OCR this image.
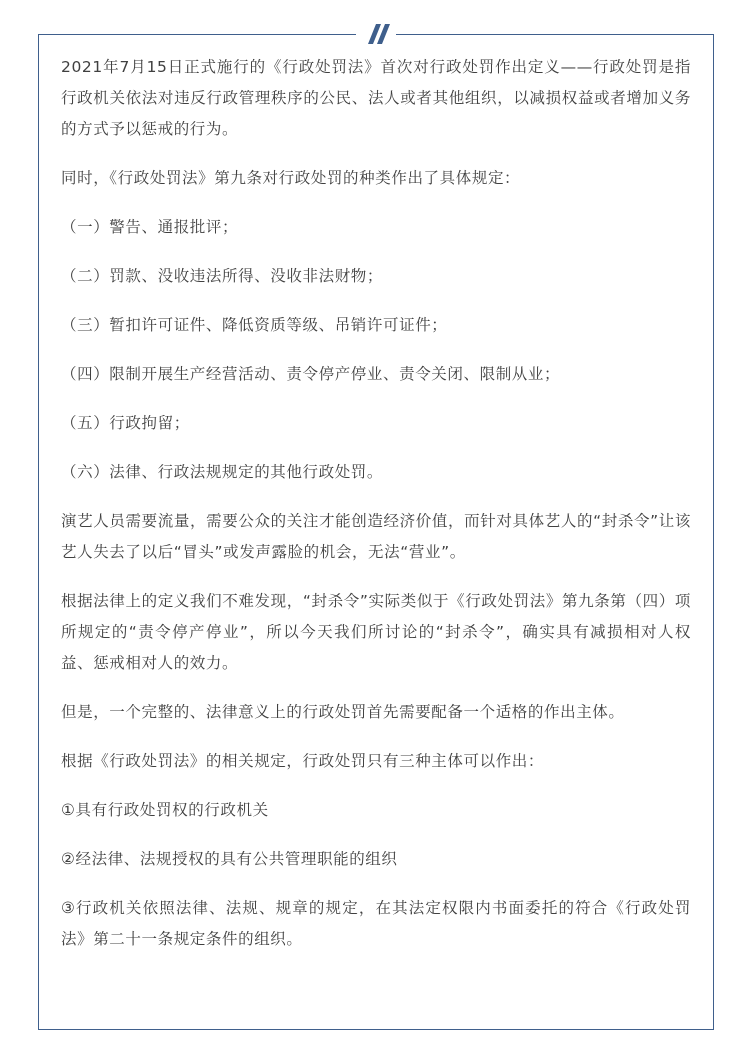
2021年7月15日正式施行的《行政处罚法》首次对行政处罚作出定义——行政处罚是指行政机关依法对违反行政管理秩序的公民、法人或者其他组织，以减损权益或者增加义务的方式予以惩戒的行为。

同时，《行政处罚法》第九条对行政处罚的种类作出了具体规定：

（一）警告、通报批评；

（二）罚款、没收违法所得、没收非法财物；

（三）暂扣许可证件、降低资质等级、吊销许可证件；

（四）限制开展生产经营活动、责令停产停业、责令关闭、限制从业；

（五）行政拘留；

（六）法律、行政法规规定的其他行政处罚。

演艺人员需要流量，需要公众的关注才能创造经济价值，而针对具体艺人的“封杀令”让该艺人失去了以后“冒头”或发声露脸的机会，无法“营业”。

根据法律上的定义我们不难发现，“封杀令”实际类似于《行政处罚法》第九条第（四）项所规定的“责令停产停业”，所以今天我们所讨论的“封杀令”，确实具有减损相对人权益、惩戒相对人的效力。

但是，一个完整的、法律意义上的行政处罚首先需要配备一个适格的作出主体。

根据《行政处罚法》的相关规定，行政处罚只有三种主体可以作出：

①具有行政处罚权的行政机关

②经法律、法规授权的具有公共管理职能的组织

③行政机关依照法律、法规、规章的规定，在其法定权限内书面委托的符合《行政处罚法》第二十一条规定条件的组织。
